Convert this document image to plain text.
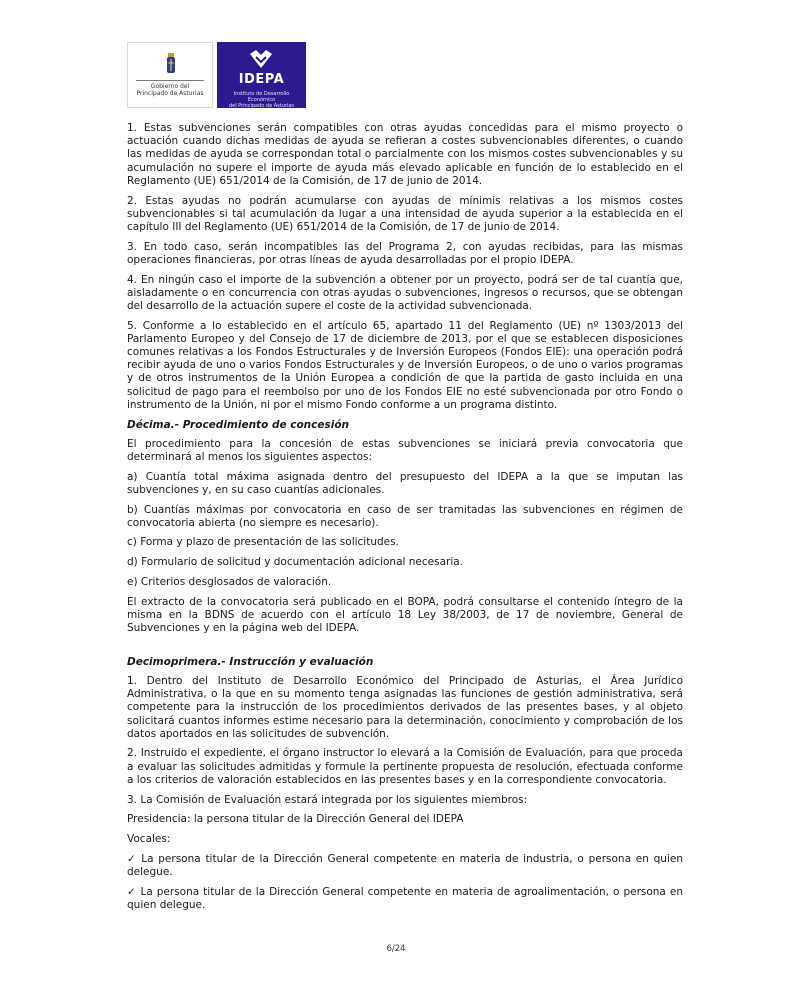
Gobierno del
Principado de Asturias
IDEPA
Instituto de Desarrollo Económico
del Principado de Asturias

1. Estas subvenciones serán compatibles con otras ayudas concedidas para el mismo proyecto o actuación cuando dichas medidas de ayuda se refieran a costes subvencionables diferentes, o cuando las medidas de ayuda se correspondan total o parcialmente con los mismos costes subvencionables y su acumulación no supere el importe de ayuda más elevado aplicable en función de lo establecido en el Reglamento (UE) 651/2014 de la Comisión, de 17 de junio de 2014.

2. Estas ayudas no podrán acumularse con ayudas de mínimis relativas a los mismos costes subvencionables si tal acumulación da lugar a una intensidad de ayuda superior a la establecida en el capítulo III del Reglamento (UE) 651/2014 de la Comisión, de 17 de junio de 2014.

3. En todo caso, serán incompatibles las del Programa 2, con ayudas recibidas, para las mismas operaciones financieras, por otras líneas de ayuda desarrolladas por el propio IDEPA.

4. En ningún caso el importe de la subvención a obtener por un proyecto, podrá ser de tal cuantía que, aisladamente o en concurrencia con otras ayudas o subvenciones, ingresos o recursos, que se obtengan del desarrollo de la actuación supere el coste de la actividad subvencionada.

5. Conforme a lo establecido en el artículo 65, apartado 11 del Reglamento (UE) nº 1303/2013 del Parlamento Europeo y del Consejo de 17 de diciembre de 2013, por el que se establecen disposiciones comunes relativas a los Fondos Estructurales y de Inversión Europeos (Fondos EIE): una operación podrá recibir ayuda de uno o varios Fondos Estructurales y de Inversión Europeos, o de uno o varios programas y de otros instrumentos de la Unión Europea a condición de que la partida de gasto incluida en una solicitud de pago para el reembolso por uno de los Fondos EIE no esté subvencionada por otro Fondo o instrumento de la Unión, ni por el mismo Fondo conforme a un programa distinto.

Décima.- Procedimiento de concesión

El procedimiento para la concesión de estas subvenciones se iniciará previa convocatoria que determinará al menos los siguientes aspectos:

a) Cuantía total máxima asignada dentro del presupuesto del IDEPA a la que se imputan las subvenciones y, en su caso cuantías adicionales.

b) Cuantías máximas por convocatoria en caso de ser tramitadas las subvenciones en régimen de convocatoria abierta (no siempre es necesario).

c) Forma y plazo de presentación de las solicitudes.

d) Formulario de solicitud y documentación adicional necesaria.

e) Criterios desglosados de valoración.

El extracto de la convocatoria será publicado en el BOPA, podrá consultarse el contenido íntegro de la misma en la BDNS de acuerdo con el artículo 18 Ley 38/2003, de 17 de noviembre, General de Subvenciones y en la página web del IDEPA.

Decimoprimera.- Instrucción y evaluación

1. Dentro del Instituto de Desarrollo Económico del Principado de Asturias, el Área Jurídico Administrativa, o la que en su momento tenga asignadas las funciones de gestión administrativa, será competente para la instrucción de los procedimientos derivados de las presentes bases, y al objeto solicitará cuantos informes estime necesario para la determinación, conocimiento y comprobación de los datos aportados en las solicitudes de subvención.

2. Instruido el expediente, el órgano instructor lo elevará a la Comisión de Evaluación, para que proceda a evaluar las solicitudes admitidas y formule la pertinente propuesta de resolución, efectuada conforme a los criterios de valoración establecidos en las presentes bases y en la correspondiente convocatoria.

3. La Comisión de Evaluación estará integrada por los siguientes miembros:

Presidencia: la persona titular de la Dirección General del IDEPA

Vocales:

✓ La persona titular de la Dirección General competente en materia de industria, o persona en quien delegue.

✓ La persona titular de la Dirección General competente en materia de agroalimentación, o persona en quien delegue.

6/24
